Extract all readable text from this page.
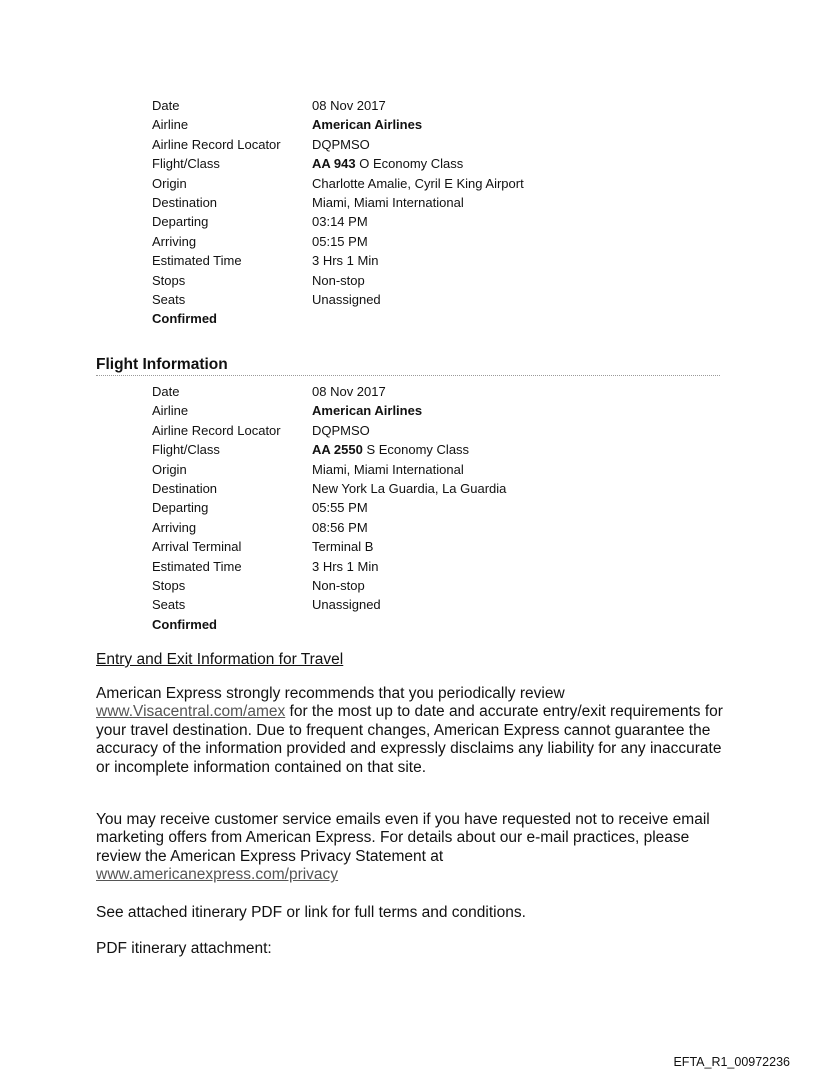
Date	08 Nov 2017
Airline	American Airlines
Airline Record Locator	DQPMSO
Flight/Class	AA 943 O Economy Class
Origin	Charlotte Amalie, Cyril E King Airport
Destination	Miami, Miami International
Departing	03:14 PM
Arriving	05:15 PM
Estimated Time	3 Hrs 1 Min
Stops	Non-stop
Seats	Unassigned
Confirmed	
Flight Information
Date	08 Nov 2017
Airline	American Airlines
Airline Record Locator	DQPMSO
Flight/Class	AA 2550 S Economy Class
Origin	Miami, Miami International
Destination	New York La Guardia, La Guardia
Departing	05:55 PM
Arriving	08:56 PM
Arrival Terminal	Terminal B
Estimated Time	3 Hrs 1 Min
Stops	Non-stop
Seats	Unassigned
Confirmed	
Entry and Exit Information for Travel

American Express strongly recommends that you periodically review www.Visacentral.com/amex for the most up to date and accurate entry/exit requirements for your travel destination. Due to frequent changes, American Express cannot guarantee the accuracy of the information provided and expressly disclaims any liability for any inaccurate or incomplete information contained on that site.

You may receive customer service emails even if you have requested not to receive email marketing offers from American Express. For details about our e-mail practices, please review the American Express Privacy Statement at
www.americanexpress.com/privacy

See attached itinerary PDF or link for full terms and conditions.

PDF itinerary attachment:

EFTA_R1_00972236
